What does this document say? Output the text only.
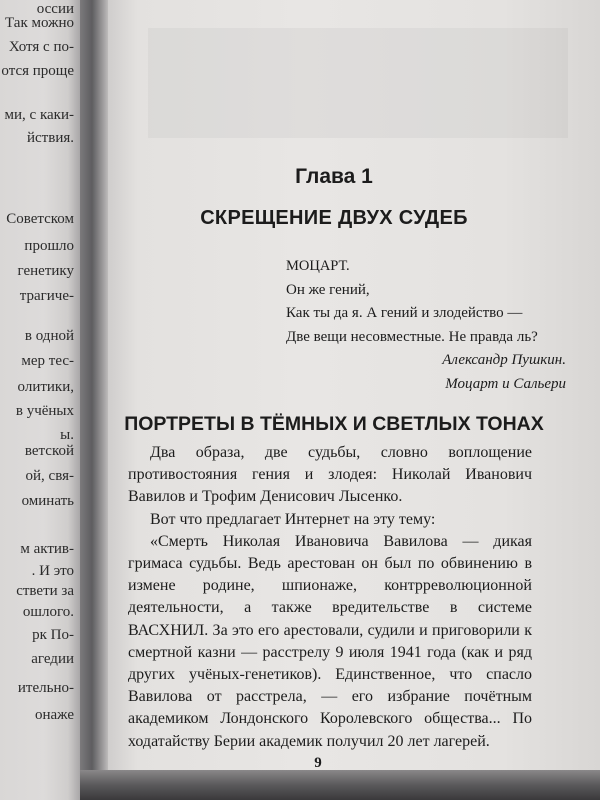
оссии
Так можно
Хотя с по-
отся проще
ми, с каки-
йствия.
Советском
прошло
генетику
трагиче-
в одной
мер тес-
олитики,
в учёных
ы.
ветской
ой, свя-
оминать
м актив-
. И это
ствети за
ошлого.
рк По-
агедии
ительно-
онаже
Глава 1
СКРЕЩЕНИЕ ДВУХ СУДЕБ
МОЦАРТ.
Он же гений,
Как ты да я. А гений и злодейство —
Две вещи несовместные. Не правда ль?
Александр Пушкин.
Моцарт и Сальери
ПОРТРЕТЫ В ТЁМНЫХ И СВЕТЛЫХ ТОНАХ

Два образа, две судьбы, словно воплощение противостояния гения и злодея: Николай Иванович Вавилов и Трофим Денисович Лысенко.

Вот что предлагает Интернет на эту тему:

«Смерть Николая Ивановича Вавилова — дикая гримаса судьбы. Ведь арестован он был по обвинению в измене родине, шпионаже, контрреволюционной деятельности, а также вредительстве в системе ВАСХНИЛ. За это его арестовали, судили и приговорили к смертной казни — расстрелу 9 июля 1941 года (как и ряд других учёных-генетиков). Единственное, что спасло Вавилова от расстрела, — его избрание почётным академиком Лондонского Королевского общества... По ходатайству Берии академик получил 20 лет лагерей.

9
